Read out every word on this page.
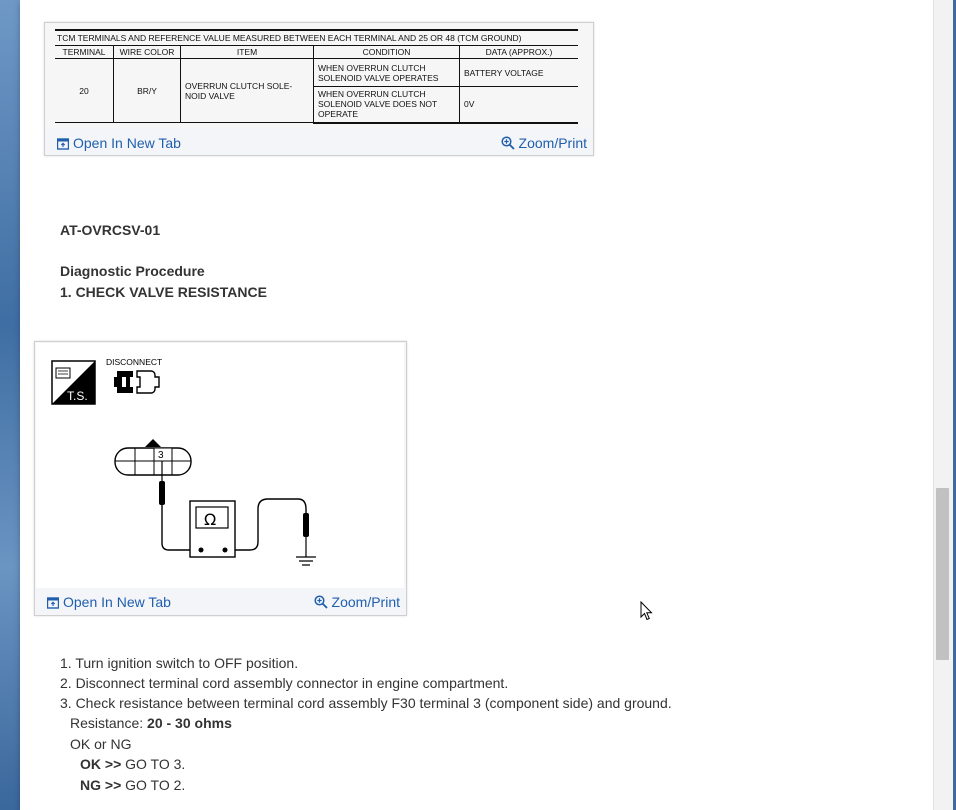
TCM TERMINALS AND REFERENCE VALUE MEASURED BETWEEN EACH TERMINAL AND 25 OR 48 (TCM GROUND)				
TERMINAL	WIRE COLOR	ITEM	CONDITION	DATA (APPROX.)
20	BR/Y	OVERRUN CLUTCH SOLE-NOID VALVE	WHEN OVERRUN CLUTCH SOLENOID VALVE OPERATES	BATTERY VOLTAGE
			WHEN OVERRUN CLUTCH SOLENOID VALVE DOES NOT OPERATE	0V
Open In New Tab	Zoom/Print
AT-OVRCSV-01
Diagnostic Procedure
1. CHECK VALVE RESISTANCE
T.S.
DISCONNECT
3
Ω
Open In New Tab	Zoom/Print
1. Turn ignition switch to OFF position.
2. Disconnect terminal cord assembly connector in engine compartment.
3. Check resistance between terminal cord assembly F30 terminal 3 (component side) and ground.
Resistance: 20 - 30 ohms
OK or NG
OK >> GO TO 3.
NG >> GO TO 2.
